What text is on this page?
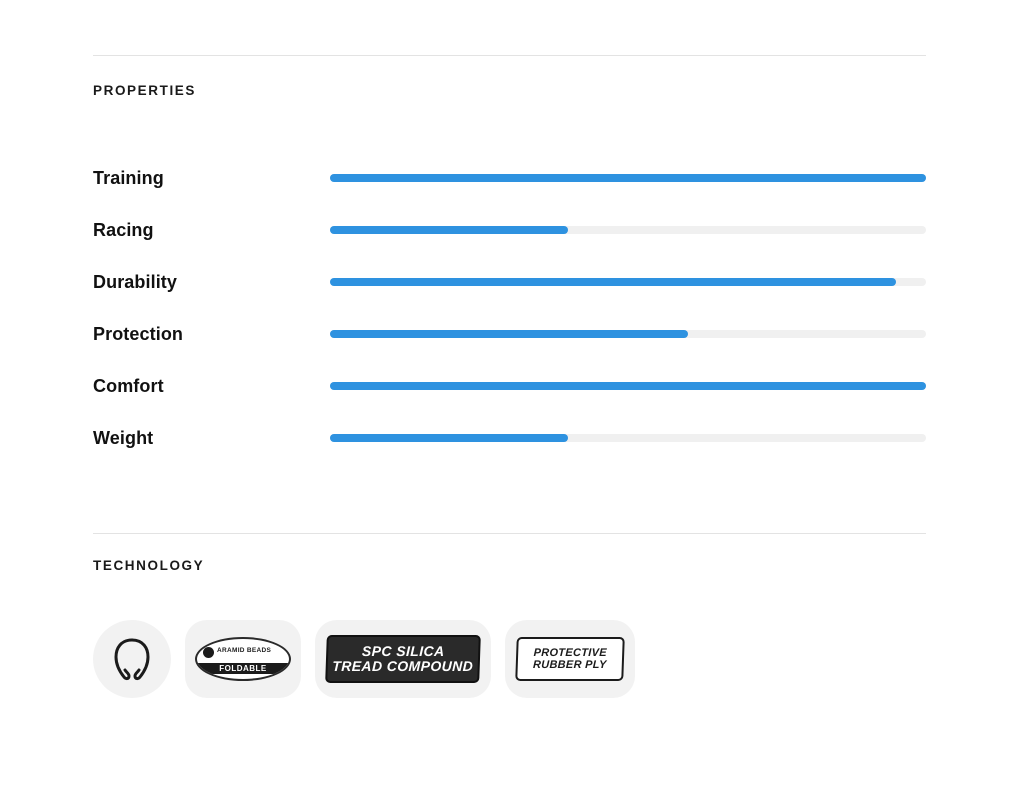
PROPERTIES
Training
Racing
Durability
Protection
Comfort
Weight
TECHNOLOGY
ARAMID BEADS
FOLDABLE
SPC SILICA
TREAD COMPOUND
PROTECTIVE
RUBBER PLY
